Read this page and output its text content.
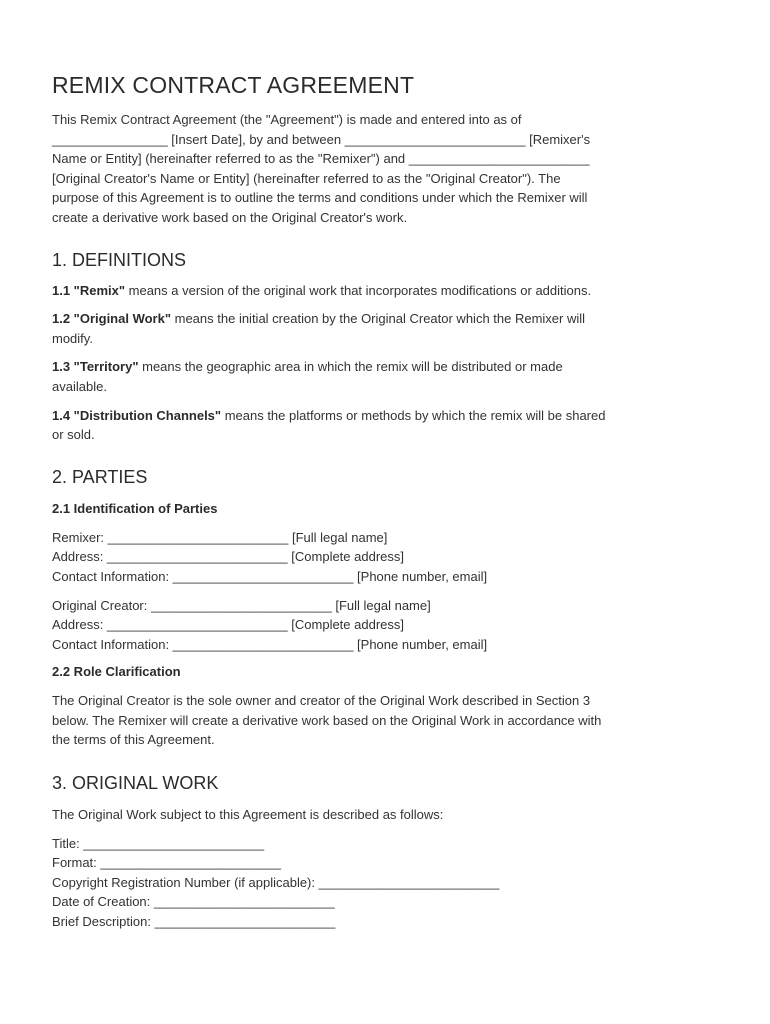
REMIX CONTRACT AGREEMENT
This Remix Contract Agreement (the "Agreement") is made and entered into as of
________________ [Insert Date], by and between _________________________ [Remixer's
Name or Entity] (hereinafter referred to as the "Remixer") and _________________________
[Original Creator's Name or Entity] (hereinafter referred to as the "Original Creator"). The
purpose of this Agreement is to outline the terms and conditions under which the Remixer will
create a derivative work based on the Original Creator's work.
1. DEFINITIONS
1.1 "Remix" means a version of the original work that incorporates modifications or additions.
1.2 "Original Work" means the initial creation by the Original Creator which the Remixer will
modify.
1.3 "Territory" means the geographic area in which the remix will be distributed or made
available.
1.4 "Distribution Channels" means the platforms or methods by which the remix will be shared
or sold.
2. PARTIES
2.1 Identification of Parties
Remixer: _________________________ [Full legal name]
Address: _________________________ [Complete address]
Contact Information: _________________________ [Phone number, email]
Original Creator: _________________________ [Full legal name]
Address: _________________________ [Complete address]
Contact Information: _________________________ [Phone number, email]
2.2 Role Clarification
The Original Creator is the sole owner and creator of the Original Work described in Section 3
below. The Remixer will create a derivative work based on the Original Work in accordance with
the terms of this Agreement.
3. ORIGINAL WORK

The Original Work subject to this Agreement is described as follows:

Title: _________________________
Format: _________________________
Copyright Registration Number (if applicable): _________________________
Date of Creation: _________________________
Brief Description: _________________________
